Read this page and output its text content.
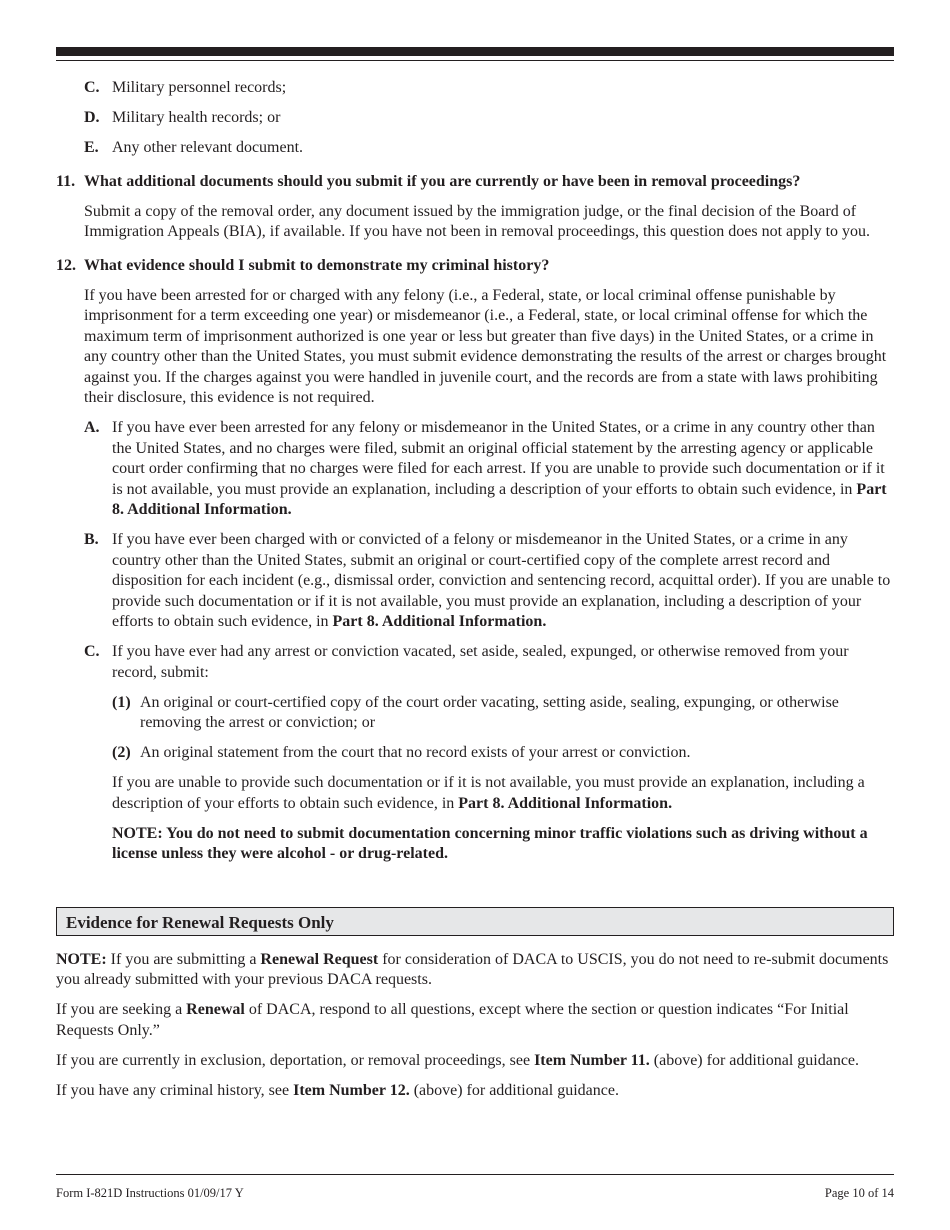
C. Military personnel records;
D. Military health records; or
E. Any other relevant document.
11. What additional documents should you submit if you are currently or have been in removal proceedings?
Submit a copy of the removal order, any document issued by the immigration judge, or the final decision of the Board of Immigration Appeals (BIA), if available. If you have not been in removal proceedings, this question does not apply to you.
12. What evidence should I submit to demonstrate my criminal history?
If you have been arrested for or charged with any felony (i.e., a Federal, state, or local criminal offense punishable by imprisonment for a term exceeding one year) or misdemeanor (i.e., a Federal, state, or local criminal offense for which the maximum term of imprisonment authorized is one year or less but greater than five days) in the United States, or a crime in any country other than the United States, you must submit evidence demonstrating the results of the arrest or charges brought against you. If the charges against you were handled in juvenile court, and the records are from a state with laws prohibiting their disclosure, this evidence is not required.
A. If you have ever been arrested for any felony or misdemeanor in the United States, or a crime in any country other than the United States, and no charges were filed, submit an original official statement by the arresting agency or applicable court order confirming that no charges were filed for each arrest. If you are unable to provide such documentation or if it is not available, you must provide an explanation, including a description of your efforts to obtain such evidence, in Part 8. Additional Information.
B. If you have ever been charged with or convicted of a felony or misdemeanor in the United States, or a crime in any country other than the United States, submit an original or court-certified copy of the complete arrest record and disposition for each incident (e.g., dismissal order, conviction and sentencing record, acquittal order). If you are unable to provide such documentation or if it is not available, you must provide an explanation, including a description of your efforts to obtain such evidence, in Part 8. Additional Information.
C. If you have ever had any arrest or conviction vacated, set aside, sealed, expunged, or otherwise removed from your record, submit:
(1) An original or court-certified copy of the court order vacating, setting aside, sealing, expunging, or otherwise removing the arrest or conviction; or
(2) An original statement from the court that no record exists of your arrest or conviction.
If you are unable to provide such documentation or if it is not available, you must provide an explanation, including a description of your efforts to obtain such evidence, in Part 8. Additional Information.
NOTE: You do not need to submit documentation concerning minor traffic violations such as driving without a license unless they were alcohol - or drug-related.
Evidence for Renewal Requests Only
NOTE: If you are submitting a Renewal Request for consideration of DACA to USCIS, you do not need to re-submit documents you already submitted with your previous DACA requests.
If you are seeking a Renewal of DACA, respond to all questions, except where the section or question indicates “For Initial Requests Only.”
If you are currently in exclusion, deportation, or removal proceedings, see Item Number 11. (above) for additional guidance.
If you have any criminal history, see Item Number 12. (above) for additional guidance.
Form I-821D Instructions 01/09/17 Y	Page 10 of 14
